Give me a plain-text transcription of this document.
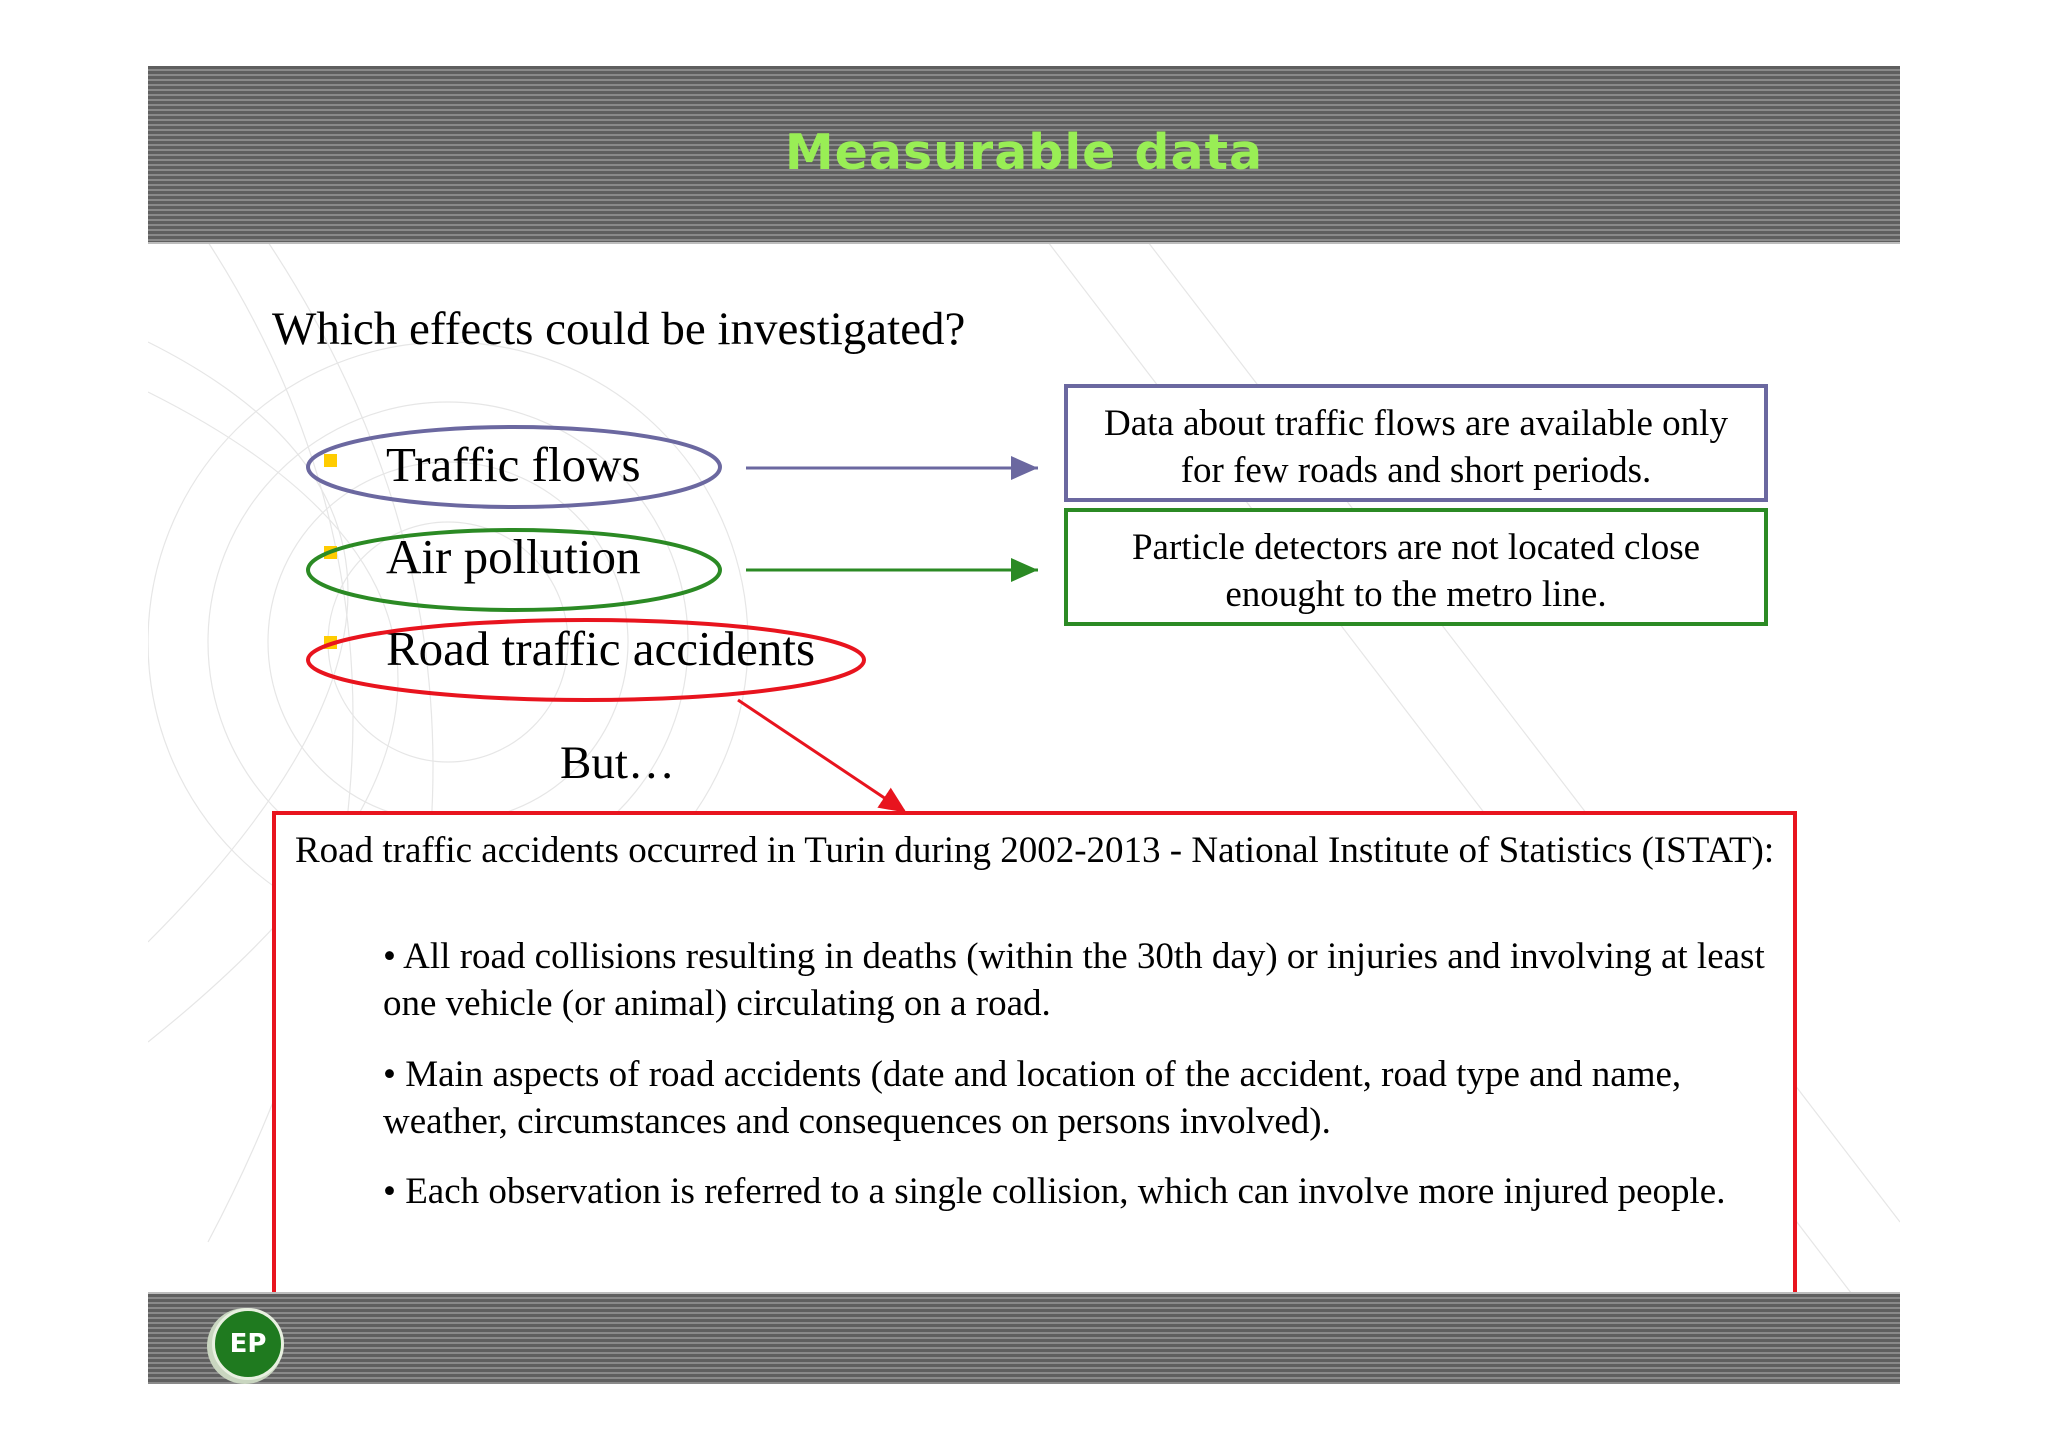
Measurable data
Which effects could be investigated?
Traffic flows
Air pollution
Road traffic accidents
Data about traffic flows are available only
for few roads and short periods.
Particle detectors are not located close
enought to the metro line.
But…
Road traffic accidents occurred in Turin during 2002-2013 - National Institute of Statistics (ISTAT):
• All road collisions resulting in deaths (within the 30th day) or injuries and involving at least one vehicle (or animal) circulating on a road.
• Main aspects of road accidents (date and location of the accident, road type and name, weather, circumstances and consequences on persons involved).
• Each observation is referred to a single collision, which can involve more injured people.
EP
